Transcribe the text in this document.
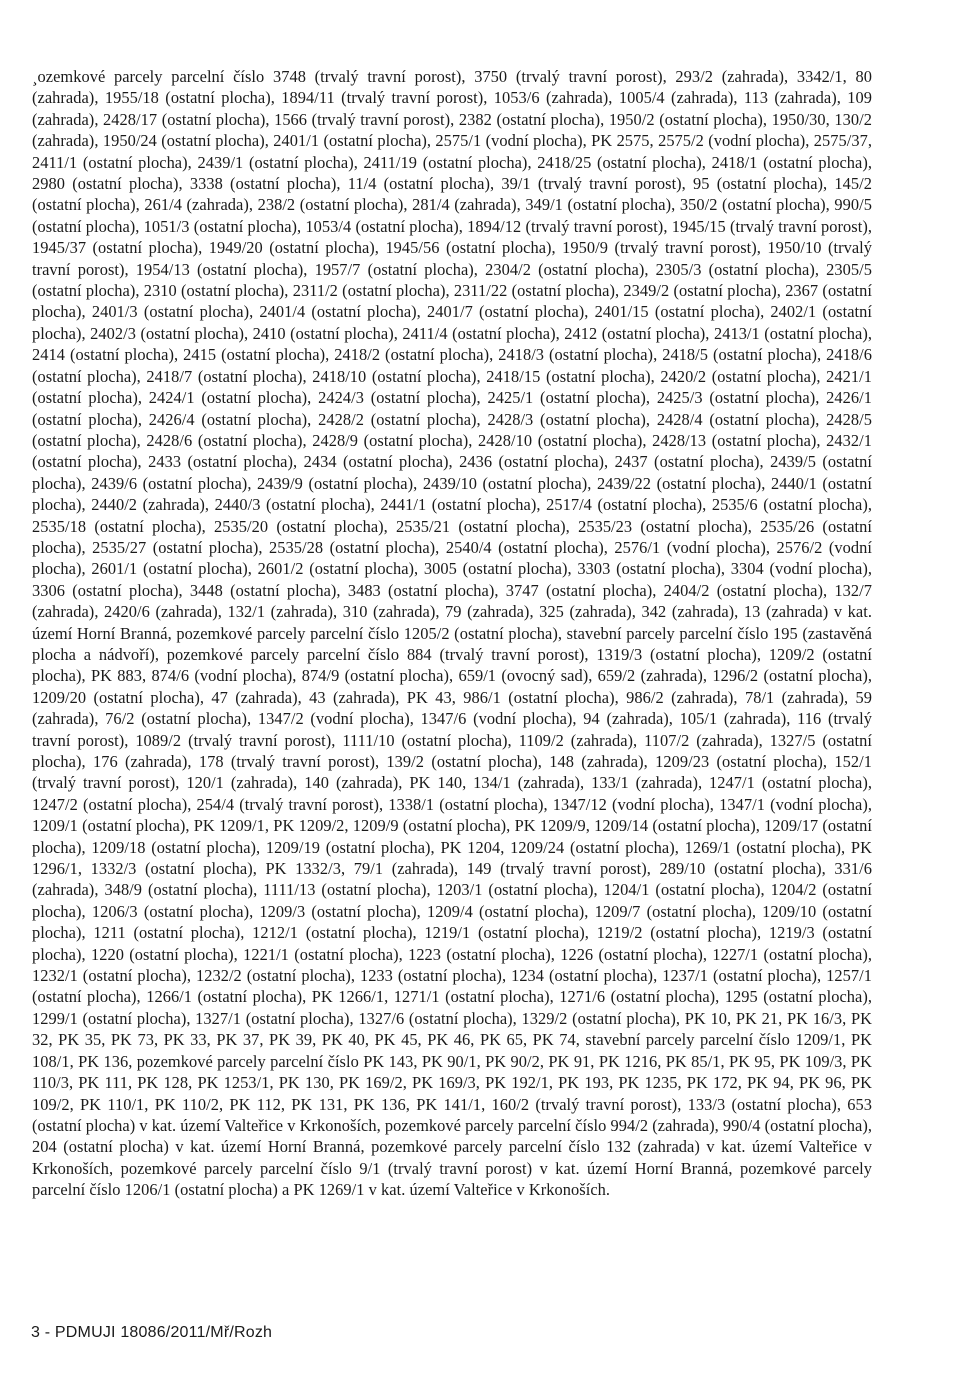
¸ozemkové parcely parcelní číslo 3748 (trvalý travní porost), 3750 (trvalý travní porost), 293/2 (zahrada), 3342/1, 80 (zahrada), 1955/18 (ostatní plocha), 1894/11 (trvalý travní porost), 1053/6 (zahrada), 1005/4 (zahrada), 113 (zahrada), 109 (zahrada), 2428/17 (ostatní plocha), 1566 (trvalý travní porost), 2382 (ostatní plocha), 1950/2 (ostatní plocha), 1950/30, 130/2 (zahrada), 1950/24 (ostatní plocha), 2401/1 (ostatní plocha), 2575/1 (vodní plocha), PK 2575, 2575/2 (vodní plocha), 2575/37, 2411/1 (ostatní plocha), 2439/1 (ostatní plocha), 2411/19 (ostatní plocha), 2418/25 (ostatní plocha), 2418/1 (ostatní plocha), 2980 (ostatní plocha), 3338 (ostatní plocha), 11/4 (ostatní plocha), 39/1 (trvalý travní porost), 95 (ostatní plocha), 145/2 (ostatní plocha), 261/4 (zahrada), 238/2 (ostatní plocha), 281/4 (zahrada), 349/1 (ostatní plocha), 350/2 (ostatní plocha), 990/5 (ostatní plocha), 1051/3 (ostatní plocha), 1053/4 (ostatní plocha), 1894/12 (trvalý travní porost), 1945/15 (trvalý travní porost), 1945/37 (ostatní plocha), 1949/20 (ostatní plocha), 1945/56 (ostatní plocha), 1950/9 (trvalý travní porost), 1950/10 (trvalý travní porost), 1954/13 (ostatní plocha), 1957/7 (ostatní plocha), 2304/2 (ostatní plocha), 2305/3 (ostatní plocha), 2305/5 (ostatní plocha), 2310 (ostatní plocha), 2311/2 (ostatní plocha), 2311/22 (ostatní plocha), 2349/2 (ostatní plocha), 2367 (ostatní plocha), 2401/3 (ostatní plocha), 2401/4 (ostatní plocha), 2401/7 (ostatní plocha), 2401/15 (ostatní plocha), 2402/1 (ostatní plocha), 2402/3 (ostatní plocha), 2410 (ostatní plocha), 2411/4 (ostatní plocha), 2412 (ostatní plocha), 2413/1 (ostatní plocha), 2414 (ostatní plocha), 2415 (ostatní plocha), 2418/2 (ostatní plocha), 2418/3 (ostatní plocha), 2418/5 (ostatní plocha), 2418/6 (ostatní plocha), 2418/7 (ostatní plocha), 2418/10 (ostatní plocha), 2418/15 (ostatní plocha), 2420/2 (ostatní plocha), 2421/1 (ostatní plocha), 2424/1 (ostatní plocha), 2424/3 (ostatní plocha), 2425/1 (ostatní plocha), 2425/3 (ostatní plocha), 2426/1 (ostatní plocha), 2426/4 (ostatní plocha), 2428/2 (ostatní plocha), 2428/3 (ostatní plocha), 2428/4 (ostatní plocha), 2428/5 (ostatní plocha), 2428/6 (ostatní plocha), 2428/9 (ostatní plocha), 2428/10 (ostatní plocha), 2428/13 (ostatní plocha), 2432/1 (ostatní plocha), 2433 (ostatní plocha), 2434 (ostatní plocha), 2436 (ostatní plocha), 2437 (ostatní plocha), 2439/5 (ostatní plocha), 2439/6 (ostatní plocha), 2439/9 (ostatní plocha), 2439/10 (ostatní plocha), 2439/22 (ostatní plocha), 2440/1 (ostatní plocha), 2440/2 (zahrada), 2440/3 (ostatní plocha), 2441/1 (ostatní plocha), 2517/4 (ostatní plocha), 2535/6 (ostatní plocha), 2535/18 (ostatní plocha), 2535/20 (ostatní plocha), 2535/21 (ostatní plocha), 2535/23 (ostatní plocha), 2535/26 (ostatní plocha), 2535/27 (ostatní plocha), 2535/28 (ostatní plocha), 2540/4 (ostatní plocha), 2576/1 (vodní plocha), 2576/2 (vodní plocha), 2601/1 (ostatní plocha), 2601/2 (ostatní plocha), 3005 (ostatní plocha), 3303 (ostatní plocha), 3304 (vodní plocha), 3306 (ostatní plocha), 3448 (ostatní plocha), 3483 (ostatní plocha), 3747 (ostatní plocha), 2404/2 (ostatní plocha), 132/7 (zahrada), 2420/6 (zahrada), 132/1 (zahrada), 310 (zahrada), 79 (zahrada), 325 (zahrada), 342 (zahrada), 13 (zahrada) v kat. území Horní Branná, pozemkové parcely parcelní číslo 1205/2 (ostatní plocha), stavební parcely parcelní číslo 195 (zastavěná plocha a nádvoří), pozemkové parcely parcelní číslo 884 (trvalý travní porost), 1319/3 (ostatní plocha), 1209/2 (ostatní plocha), PK 883, 874/6 (vodní plocha), 874/9 (ostatní plocha), 659/1 (ovocný sad), 659/2 (zahrada), 1296/2 (ostatní plocha), 1209/20 (ostatní plocha), 47 (zahrada), 43 (zahrada), PK 43, 986/1 (ostatní plocha), 986/2 (zahrada), 78/1 (zahrada), 59 (zahrada), 76/2 (ostatní plocha), 1347/2 (vodní plocha), 1347/6 (vodní plocha), 94 (zahrada), 105/1 (zahrada), 116 (trvalý travní porost), 1089/2 (trvalý travní porost), 1111/10 (ostatní plocha), 1109/2 (zahrada), 1107/2 (zahrada), 1327/5 (ostatní plocha), 176 (zahrada), 178 (trvalý travní porost), 139/2 (ostatní plocha), 148 (zahrada), 1209/23 (ostatní plocha), 152/1 (trvalý travní porost), 120/1 (zahrada), 140 (zahrada), PK 140, 134/1 (zahrada), 133/1 (zahrada), 1247/1 (ostatní plocha), 1247/2 (ostatní plocha), 254/4 (trvalý travní porost), 1338/1 (ostatní plocha), 1347/12 (vodní plocha), 1347/1 (vodní plocha), 1209/1 (ostatní plocha), PK 1209/1, PK 1209/2, 1209/9 (ostatní plocha), PK 1209/9, 1209/14 (ostatní plocha), 1209/17 (ostatní plocha), 1209/18 (ostatní plocha), 1209/19 (ostatní plocha), PK 1204, 1209/24 (ostatní plocha), 1269/1 (ostatní plocha), PK 1296/1, 1332/3 (ostatní plocha), PK 1332/3, 79/1 (zahrada), 149 (trvalý travní porost), 289/10 (ostatní plocha), 331/6 (zahrada), 348/9 (ostatní plocha), 1111/13 (ostatní plocha), 1203/1 (ostatní plocha), 1204/1 (ostatní plocha), 1204/2 (ostatní plocha), 1206/3 (ostatní plocha), 1209/3 (ostatní plocha), 1209/4 (ostatní plocha), 1209/7 (ostatní plocha), 1209/10 (ostatní plocha), 1211 (ostatní plocha), 1212/1 (ostatní plocha), 1219/1 (ostatní plocha), 1219/2 (ostatní plocha), 1219/3 (ostatní plocha), 1220 (ostatní plocha), 1221/1 (ostatní plocha), 1223 (ostatní plocha), 1226 (ostatní plocha), 1227/1 (ostatní plocha), 1232/1 (ostatní plocha), 1232/2 (ostatní plocha), 1233 (ostatní plocha), 1234 (ostatní plocha), 1237/1 (ostatní plocha), 1257/1 (ostatní plocha), 1266/1 (ostatní plocha), PK 1266/1, 1271/1 (ostatní plocha), 1271/6 (ostatní plocha), 1295 (ostatní plocha), 1299/1 (ostatní plocha), 1327/1 (ostatní plocha), 1327/6 (ostatní plocha), 1329/2 (ostatní plocha), PK 10, PK 21, PK 16/3, PK 32, PK 35, PK 73, PK 33, PK 37, PK 39, PK 40, PK 45, PK 46, PK 65, PK 74, stavební parcely parcelní číslo 1209/1, PK 108/1, PK 136, pozemkové parcely parcelní číslo PK 143, PK 90/1, PK 90/2, PK 91, PK 1216, PK 85/1, PK 95, PK 109/3, PK 110/3, PK 111, PK 128, PK 1253/1, PK 130, PK 169/2, PK 169/3, PK 192/1, PK 193, PK 1235, PK 172, PK 94, PK 96, PK 109/2, PK 110/1, PK 110/2, PK 112, PK 131, PK 136, PK 141/1, 160/2 (trvalý travní porost), 133/3 (ostatní plocha), 653 (ostatní plocha) v kat. území Valteřice v Krkonoších, pozemkové parcely parcelní číslo 994/2 (zahrada), 990/4 (ostatní plocha), 204 (ostatní plocha) v kat. území Horní Branná, pozemkové parcely parcelní číslo 132 (zahrada) v kat. území Valteřice v Krkonoších, pozemkové parcely parcelní číslo 9/1 (trvalý travní porost) v kat. území Horní Branná, pozemkové parcely parcelní číslo 1206/1 (ostatní plocha) a PK 1269/1 v kat. území Valteřice v Krkonoších.

3 - PDMUJI 18086/2011/Mř/Rozh
